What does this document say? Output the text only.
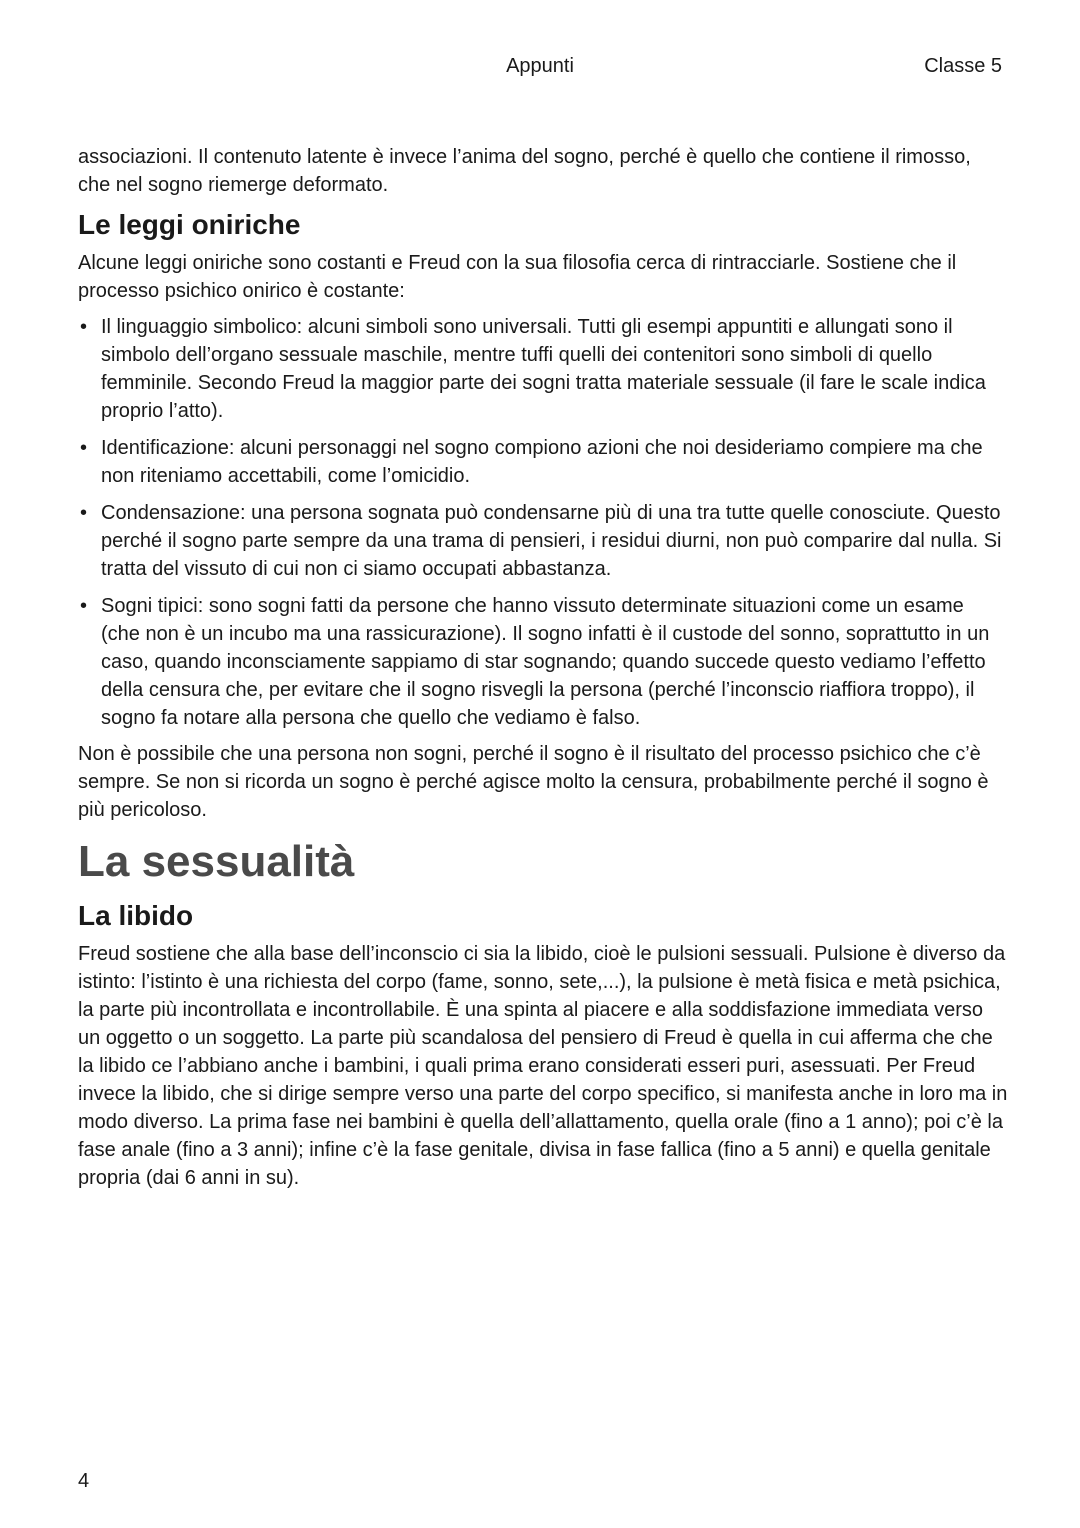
Appunti	Classe 5

associazioni. Il contenuto latente è invece l’anima del sogno, perché è quello che contiene il rimosso, che nel sogno riemerge deformato.

Le leggi oniriche

Alcune leggi oniriche sono costanti e Freud con la sua filosofia cerca di rintracciarle. Sostiene che il processo psichico onirico è costante:

• Il linguaggio simbolico: alcuni simboli sono universali. Tutti gli esempi appuntiti e allungati sono il simbolo dell’organo sessuale maschile, mentre tuffi quelli dei contenitori sono simboli di quello femminile. Secondo Freud la maggior parte dei sogni tratta materiale sessuale (il fare le scale indica proprio l’atto).
• Identificazione: alcuni personaggi nel sogno compiono azioni che noi desideriamo compiere ma che non riteniamo accettabili, come l’omicidio.
• Condensazione: una persona sognata può condensarne più di una tra tutte quelle conosciute. Questo perché il sogno parte sempre da una trama di pensieri, i residui diurni, non può comparire dal nulla. Si tratta del vissuto di cui non ci siamo occupati abbastanza.
• Sogni tipici: sono sogni fatti da persone che hanno vissuto determinate situazioni come un esame (che non è un incubo ma una rassicurazione). Il sogno infatti è il custode del sonno, soprattutto in un caso, quando inconsciamente sappiamo di star sognando; quando succede questo vediamo l’effetto della censura che, per evitare che il sogno risvegli la persona (perché l’inconscio riaffiora troppo), il sogno fa notare alla persona che quello che vediamo è falso.

Non è possibile che una persona non sogni, perché il sogno è il risultato del processo psichico che c’è sempre. Se non si ricorda un sogno è perché agisce molto la censura, probabilmente perché il sogno è più pericoloso.

La sessualità
La libido

Freud sostiene che alla base dell’inconscio ci sia la libido, cioè le pulsioni sessuali. Pulsione è diverso da istinto: l’istinto è una richiesta del corpo (fame, sonno, sete,...), la pulsione è metà fisica e metà psichica, la parte più incontrollata e incontrollabile. È una spinta al piacere e alla soddisfazione immediata verso un oggetto o un soggetto. La parte più scandalosa del pensiero di Freud è quella in cui afferma che che la libido ce l’abbiano anche i bambini, i quali prima erano considerati esseri puri, asessuati. Per Freud invece la libido, che si dirige sempre verso una parte del corpo specifico, si manifesta anche in loro ma in modo diverso. La prima fase nei bambini è quella dell’allattamento, quella orale (fino a 1 anno); poi c’è la fase anale (fino a 3 anni); infine c’è la fase genitale, divisa in fase fallica (fino a 5 anni) e quella genitale propria (dai 6 anni in su).

4
